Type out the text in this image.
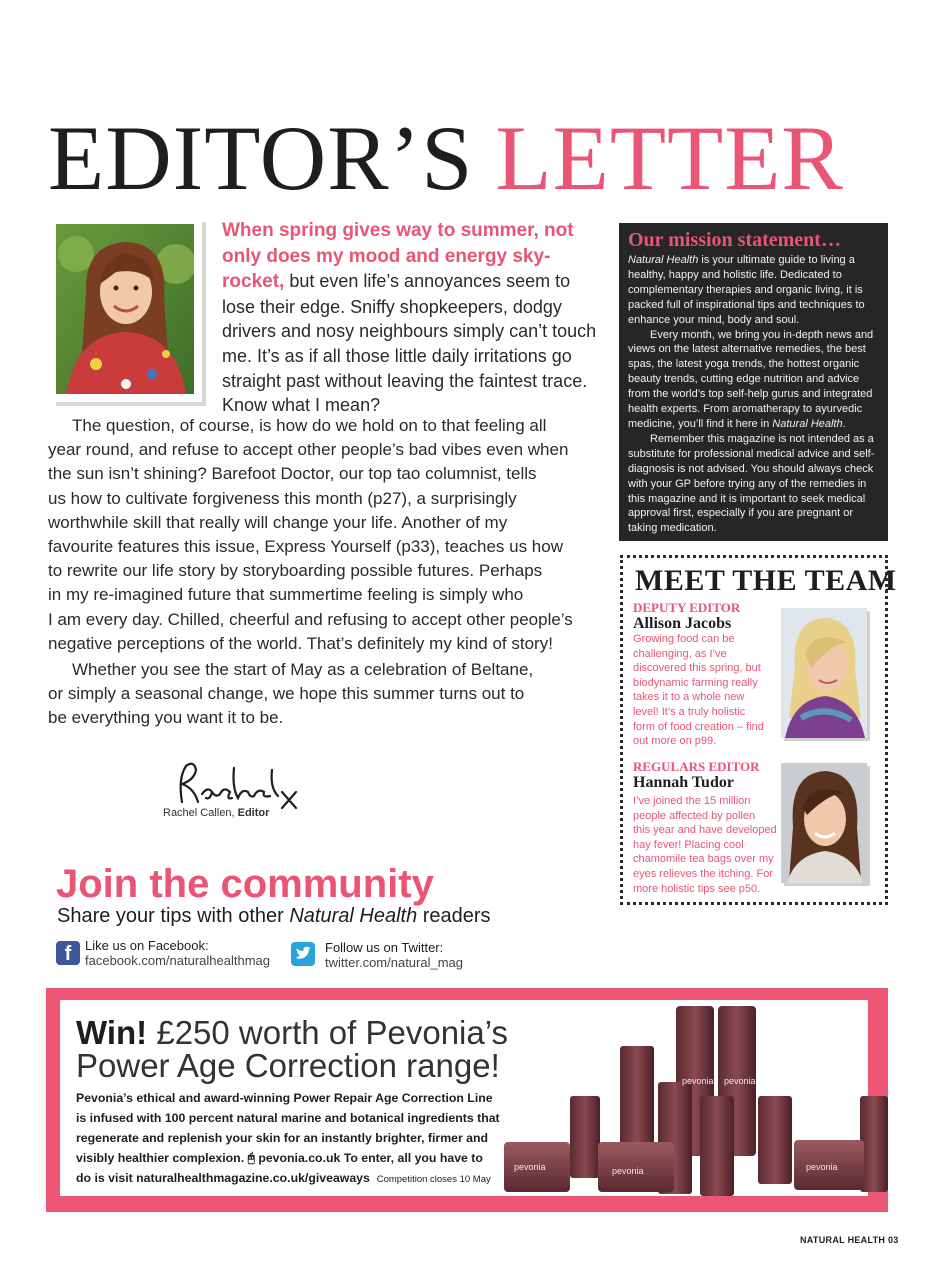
EDITOR’S LETTER

When spring gives way to summer, not only does my mood and energy sky-rocket, but even life’s annoyances seem to lose their edge. Sniffy shopkeepers, dodgy drivers and nosy neighbours simply can’t touch me. It’s as if all those little daily irritations go straight past without leaving the faintest trace. Know what I mean?

The question, of course, is how do we hold on to that feeling all
year round, and refuse to accept other people’s bad vibes even when
the sun isn’t shining? Barefoot Doctor, our top tao columnist, tells
us how to cultivate forgiveness this month (p27), a surprisingly
worthwhile skill that really will change your life. Another of my
favourite features this issue, Express Yourself (p33), teaches us how
to rewrite our life story by storyboarding possible futures. Perhaps
in my re-imagined future that summertime feeling is simply who
I am every day. Chilled, cheerful and refusing to accept other people’s
negative perceptions of the world. That’s definitely my kind of story!
Whether you see the start of May as a celebration of Beltane,
or simply a seasonal change, we hope this summer turns out to
be everything you want it to be.
Rachel Callen, Editor
Our mission statement…

Natural Health is your ultimate guide to living a healthy, happy and holistic life. Dedicated to complementary therapies and organic living, it is packed full of inspirational tips and techniques to enhance your mind, body and soul.

Every month, we bring you in-depth news and views on the latest alternative remedies, the best spas, the latest yoga trends, the hottest organic beauty trends, cutting edge nutrition and advice from the world’s top self-help gurus and integrated health experts. From aromatherapy to ayurvedic medicine, you’ll find it here in Natural Health.

Remember this magazine is not intended as a substitute for professional medical advice and self-diagnosis is not advised. You should always check with your GP before trying any of the remedies in this magazine and it is important to seek medical approval first, especially if you are pregnant or taking medication.

MEET THE TEAM
DEPUTY EDITOR
Allison Jacobs
Growing food can be
challenging, as I’ve
discovered this spring, but
biodynamic farming really
takes it to a whole new
level! It’s a truly holistic
form of food creation – find
out more on p99.
REGULARS EDITOR
Hannah Tudor
I’ve joined the 15 million
people affected by pollen
this year and have developed
hay fever! Placing cool
chamomile tea bags over my
eyes relieves the itching. For
more holistic tips see p50.
Join the community
Share your tips with other Natural Health readers
f	Like us on Facebook:
facebook.com/naturalhealthmag
Follow us on Twitter:
twitter.com/natural_mag
Win! £250 worth of Pevonia’s
Power Age Correction range!
Pevonia’s ethical and award-winning Power Repair Age Correction Line
is infused with 100 percent natural marine and botanical ingredients that
regenerate and replenish your skin for an instantly brighter, firmer and
visibly healthier complexion. 🖰 pevonia.co.uk To enter, all you have to
do is visit naturalhealthmagazine.co.uk/giveaways Competition closes 10 May
pevonia pevonia
pevonia	pevonia	pevonia
NATURAL HEALTH 03
